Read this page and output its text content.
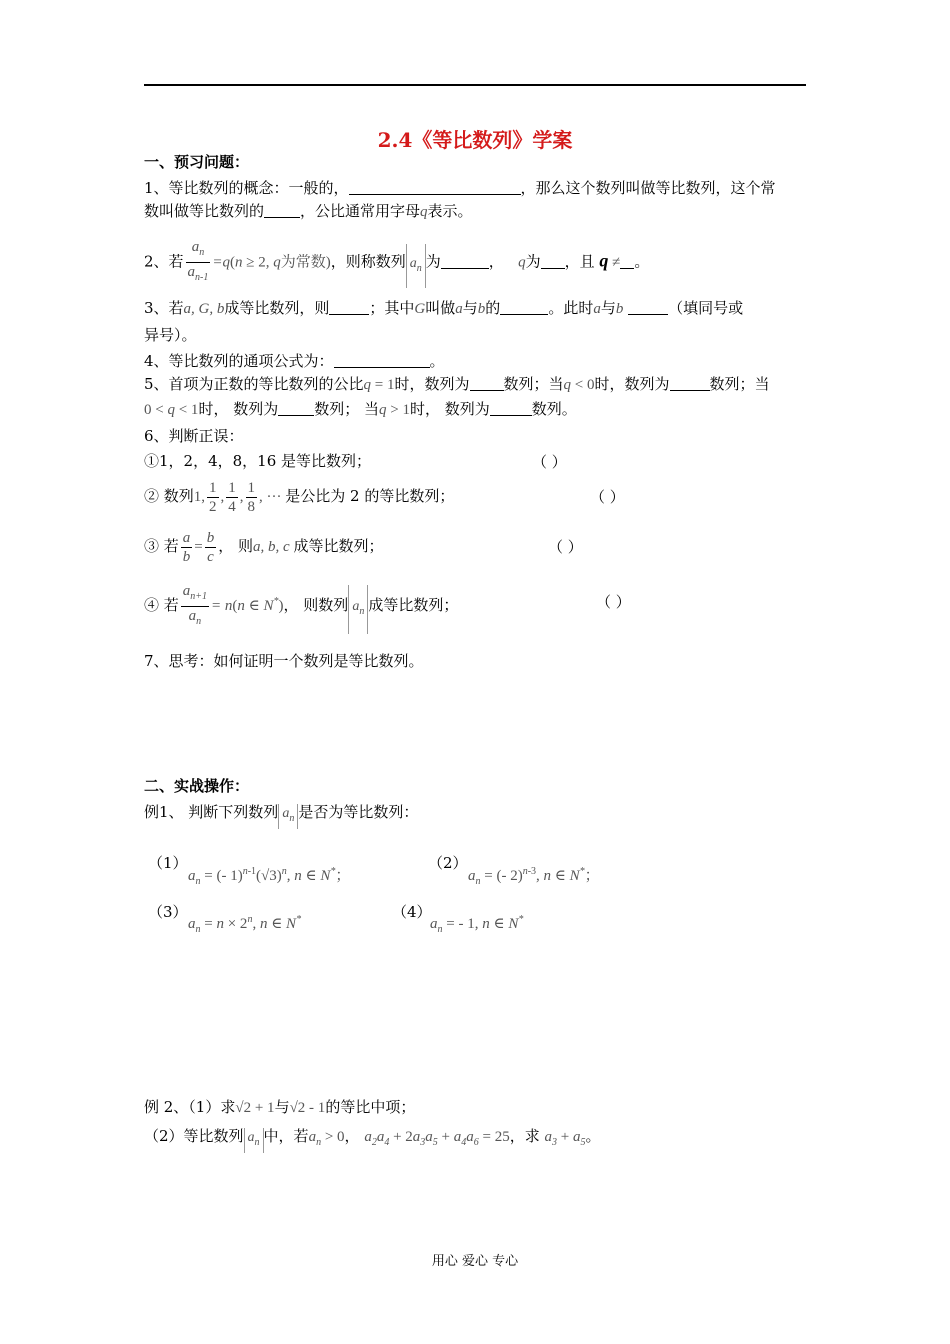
2.4《等比数列》学案
一、预习问题：
1、等比数列的概念：一般的，	，那么这个数列叫做等比数列，这个常
数叫做等比数列的 ，公比通常用字母q表示。
2、若 $\frac{a_n}{a_{n-1}} =q(n \ge 2$, q为常数)，则称数列 $a_n$ 为	，   q为 ，且 q ≠ 。
3、若a, G, b成等比数列，则	；其中G叫做a与b的	。此时a与b	（填同号或
异号）。
4、等比数列的通项公式为：	。
5、首项为正数的等比数列的公比q = 1时，数列为 数列；当q < 0时，数列为	数列；当
0 < q < 1时， 数列为 数列； 当q > 1时， 数列为	数列。
6、判断正误：
①1，2，4，8，16 是等比数列；	（ ）
② 数列1, $\frac{1}{2}$ , $\frac{1}{4}$ , $\frac{1}{8}$ , ··· 是公比为 2 的等比数列；	（ ）
③ 若 $\frac{a}{b} = \frac{b}{c}$ ， 则a, b, c 成等比数列；	（ ）
④ 若 $\frac{a_{n+1}}{a_n} = n(n$ ∈ N*)， 则数列 $a_n$ 成等比数列；	（ ）
7、思考：如何证明一个数列是等比数列。
二、实战操作：
例1、 判断下列数列 $a_n$ 是否为等比数列：
（1）
$a_n$ = (- $1)^{n-1}(√3)^n$, n ∈ N*；
（2）
$a_n$ = (- 2)$^{n-3}$, n ∈ N*；
（3）
$a_n = n \times 2^n$, n ∈ N*	（4）
$a_n$ = - 1, n ∈ N*
例 2、（1）求√2 + 1与√2 - 1的等比中项；
（2）等比数列 $a_n$ 中，若$a_n > 0$， $a_2a_4 + 2a_3a_5 + a_4a_6 = 25$，求 $a_3 + a_5$。
用心 爱心 专心
